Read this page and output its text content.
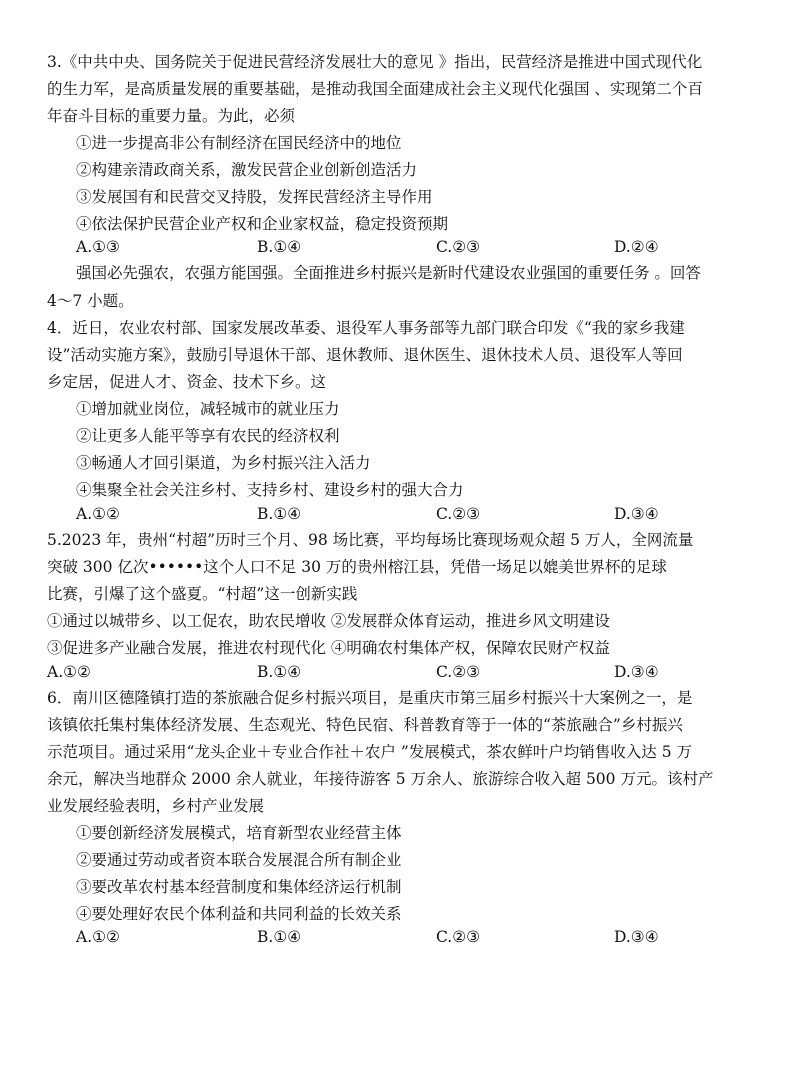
3.《中共中央、国务院关于促进民营经济发展壮大的意见 》指出，民营经济是推进中国式现代化
的生力军，是高质量发展的重要基础，是推动我国全面建成社会主义现代化强国 、实现第二个百
年奋斗目标的重要力量。为此，必须
①进一步提高非公有制经济在国民经济中的地位
②构建亲清政商关系，激发民营企业创新创造活力
③发展国有和民营交叉持股，发挥民营经济主导作用
④依法保护民营企业产权和企业家权益，稳定投资预期
A.①③	B.①④	C.②③	D.②④
强国必先强农，农强方能国强。全面推进乡村振兴是新时代建设农业强国的重要任务 。回答
4～7 小题。
4．近日，农业农村部、国家发展改革委、退役军人事务部等九部门联合印发《“我的家乡我建
设”活动实施方案》，鼓励引导退休干部、退休教师、退休医生、退休技术人员、退役军人等回
乡定居，促进人才、资金、技术下乡。这
①增加就业岗位，减轻城市的就业压力
②让更多人能平等享有农民的经济权利
③畅通人才回引渠道，为乡村振兴注入活力
④集聚全社会关注乡村、支持乡村、建设乡村的强大合力
A.①②	B.①④	C.②③	D.③④
5.2023 年，贵州“村超”历时三个月、98 场比赛，平均每场比赛现场观众超 5 万人，全网流量
突破 300 亿次••••••这个人口不足 30 万的贵州榕江县，凭借一场足以媲美世界杯的足球
比赛，引爆了这个盛夏。“村超”这一创新实践
①通过以城带乡、以工促农，助农民增收 ②发展群众体育运动，推进乡风文明建设
③促进多产业融合发展，推进农村现代化 ④明确农村集体产权，保障农民财产权益
A.①②	B.①④	C.②③	D.③④
6．南川区德隆镇打造的茶旅融合促乡村振兴项目，是重庆市第三届乡村振兴十大案例之一，是
该镇依托集村集体经济发展、生态观光、特色民宿、科普教育等于一体的“茶旅融合”乡村振兴
示范项目。通过采用“龙头企业＋专业合作社＋农户 ”发展模式，茶农鲜叶户均销售收入达 5 万
余元，解决当地群众 2000 余人就业，年接待游客 5 万余人、旅游综合收入超 500 万元。该村产
业发展经验表明，乡村产业发展
①要创新经济发展模式，培育新型农业经营主体
②要通过劳动或者资本联合发展混合所有制企业
③要改革农村基本经营制度和集体经济运行机制
④要处理好农民个体利益和共同利益的长效关系
A.①②	B.①④	C.②③	D.③④
